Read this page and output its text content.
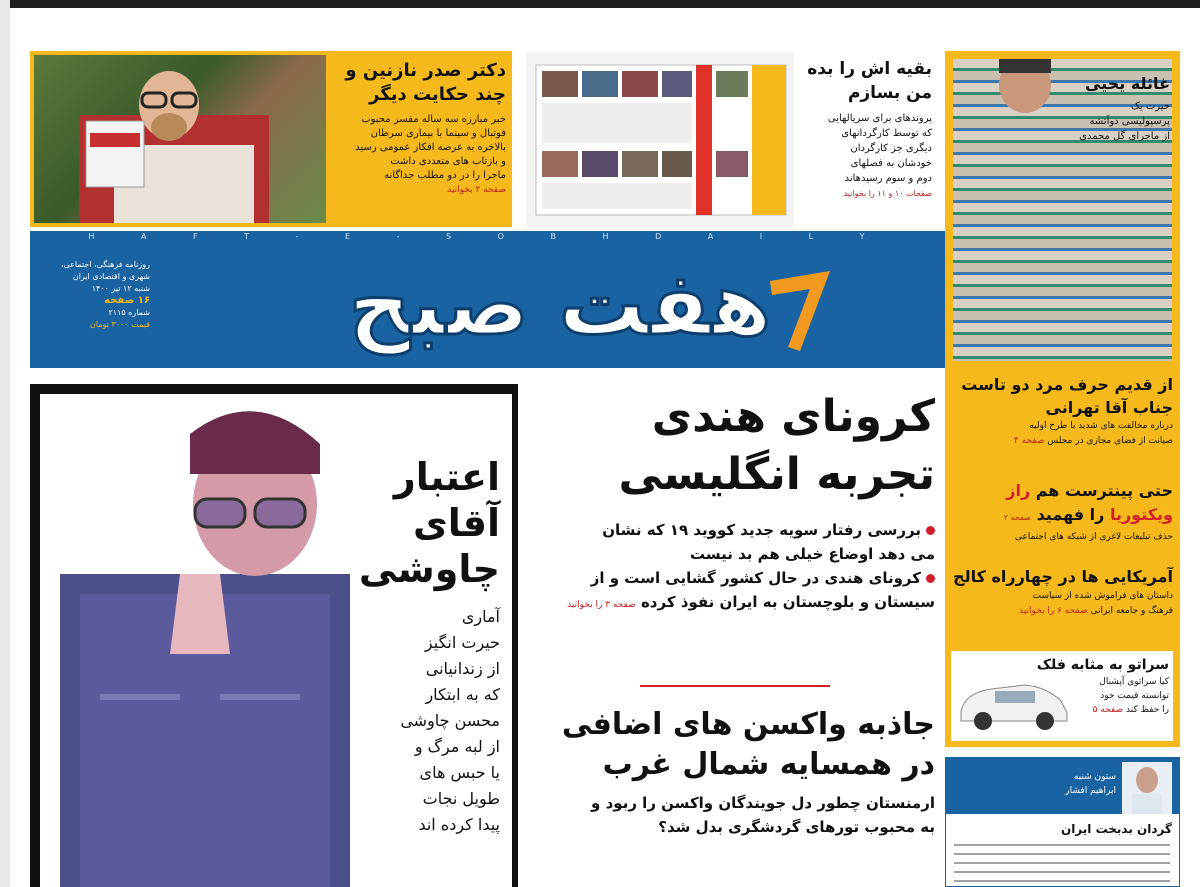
دکتر صدر نازنین و
چند حکایت دیگر
خبر مبارزه سه ساله مفسر محبوب
فوتبال و سینما با بیماری سرطان
بالاخره به عرصه افکار عمومی رسید
و بازتاب های متعددی داشت
ماجرا را در دو مطلب جداگانه
صفحه ۲ بخوانید
بقیه اش را بده
من بسازم
پروندهای برای سریالهایی
که توسط کارگردانهای
دیگری جز کارگردان
خودشان به فصلهای
دوم و سوم رسیدهاند
صفحات ۱۰ و ۱۱ را بخوانید
غائله یحیی
حیرت یک
پرسپولیسی دوآتشه
از ماجرای گل محمدی
H A F T - E - S O B H D A I L Y
روزنامه فرهنگی، اجتماعی،
شهری و اقتصادی ایران
شنبه ۱۲ تیر ۱۴۰۰
۱۶ صفحه
شماره ۲۱۱۵
قیمت ۳۰۰۰ تومان	هفت صبح
اعتبار
آقای
چاوشی
آماری
حیرت انگیز
از زندانیانی
که به ابتکار
محسن چاوشی
از لبه مرگ و
یا حبس های
طویل نجات
پیدا کرده اند
کرونای هندی
تجربه انگلیسی
بررسی رفتار سویه جدید کووید ۱۹ که نشان
می دهد اوضاع خیلی هم بد نیست
کرونای هندی در حال کشور گشایی است و از
سیستان و بلوچستان به ایران نفوذ کرده صفحه ۳ را بخوانید
جاذبه واکسن های اضافی
در همسایه شمال غرب
ارمنستان چطور دل جویندگان واکسن را ربود و
به محبوب تورهای گردشگری بدل شد؟
از قدیم حرف مرد دو تاست
جناب آقا تهرانی
درباره مخالفت های شدید با طرح اولیه
صیانت از فضای مجازی در مجلس صفحه ۴
حتی پینترست هم راز
ویکتوریا را فهمید صفحه ۲
حذف تبلیغات لاغری از شبکه های اجتماعی
آمریکایی ها در چهارراه کالج
داستان های فراموش شده از سیاست
فرهنگ و جامعه ایرانی صفحه ۶ را بخوانید
سراتو به مثابه فلک
کیا سراتوی آپشنال
توانسته قیمت خود
را حفظ کند صفحه ۵
ستون شنبه
ابراهیم افشار
گردان بدبخت ایران
